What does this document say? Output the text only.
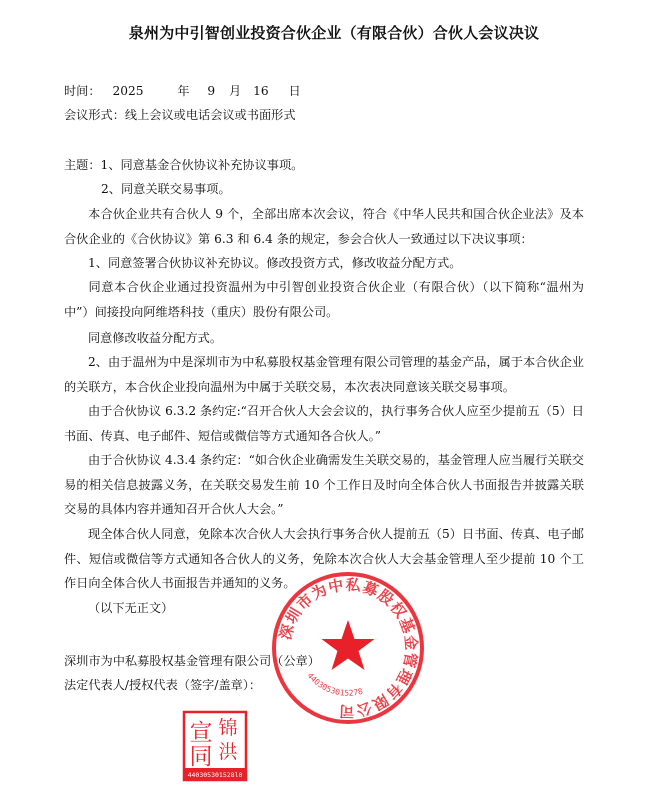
泉州为中引智创业投资合伙企业（有限合伙）合伙人会议决议
时间： 2025	年 9 月 16 日
会议形式：线上会议或电话会议或书面形式
主题：1、同意基金合伙协议补充协议事项。
2、同意关联交易事项。
本合伙企业共有合伙人 9 个，全部出席本次会议，符合《中华人民共和国合伙企业法》及本合伙企业的《合伙协议》第 6.3 和 6.4 条的规定，参会合伙人一致通过以下决议事项：
1、同意签署合伙协议补充协议。修改投资方式，修改收益分配方式。
同意本合伙企业通过投资温州为中引智创业投资合伙企业（有限合伙）（以下简称“温州为中”）间接投向阿维塔科技（重庆）股份有限公司。
同意修改收益分配方式。
2、由于温州为中是深圳市为中私募股权基金管理有限公司管理的基金产品，属于本合伙企业的关联方，本合伙企业投向温州为中属于关联交易，本次表决同意该关联交易事项。
由于合伙协议 6.3.2 条约定:“召开合伙人大会会议的，执行事务合伙人应至少提前五（5）日书面、传真、电子邮件、短信或微信等方式通知各合伙人。”
由于合伙协议 4.3.4 条约定：“如合伙企业确需发生关联交易的，基金管理人应当履行关联交易的相关信息披露义务，在关联交易发生前 10 个工作日及时向全体合伙人书面报告并披露关联交易的具体内容并通知召开合伙人大会。”
现全体合伙人同意，免除本次合伙人大会执行事务合伙人提前五（5）日书面、传真、电子邮件、短信或微信等方式通知各合伙人的义务，免除本次合伙人大会基金管理人至少提前 10 个工作日向全体合伙人书面报告并通知的义务。
（以下无正文）
深圳市为中私募股权基金管理有限公司（公章）
法定代表人/授权代表（签字/盖章）：
深圳市为中私募股权基金管理有限公司
4403053015278
锦
宣
洪
同
440305301528l0
